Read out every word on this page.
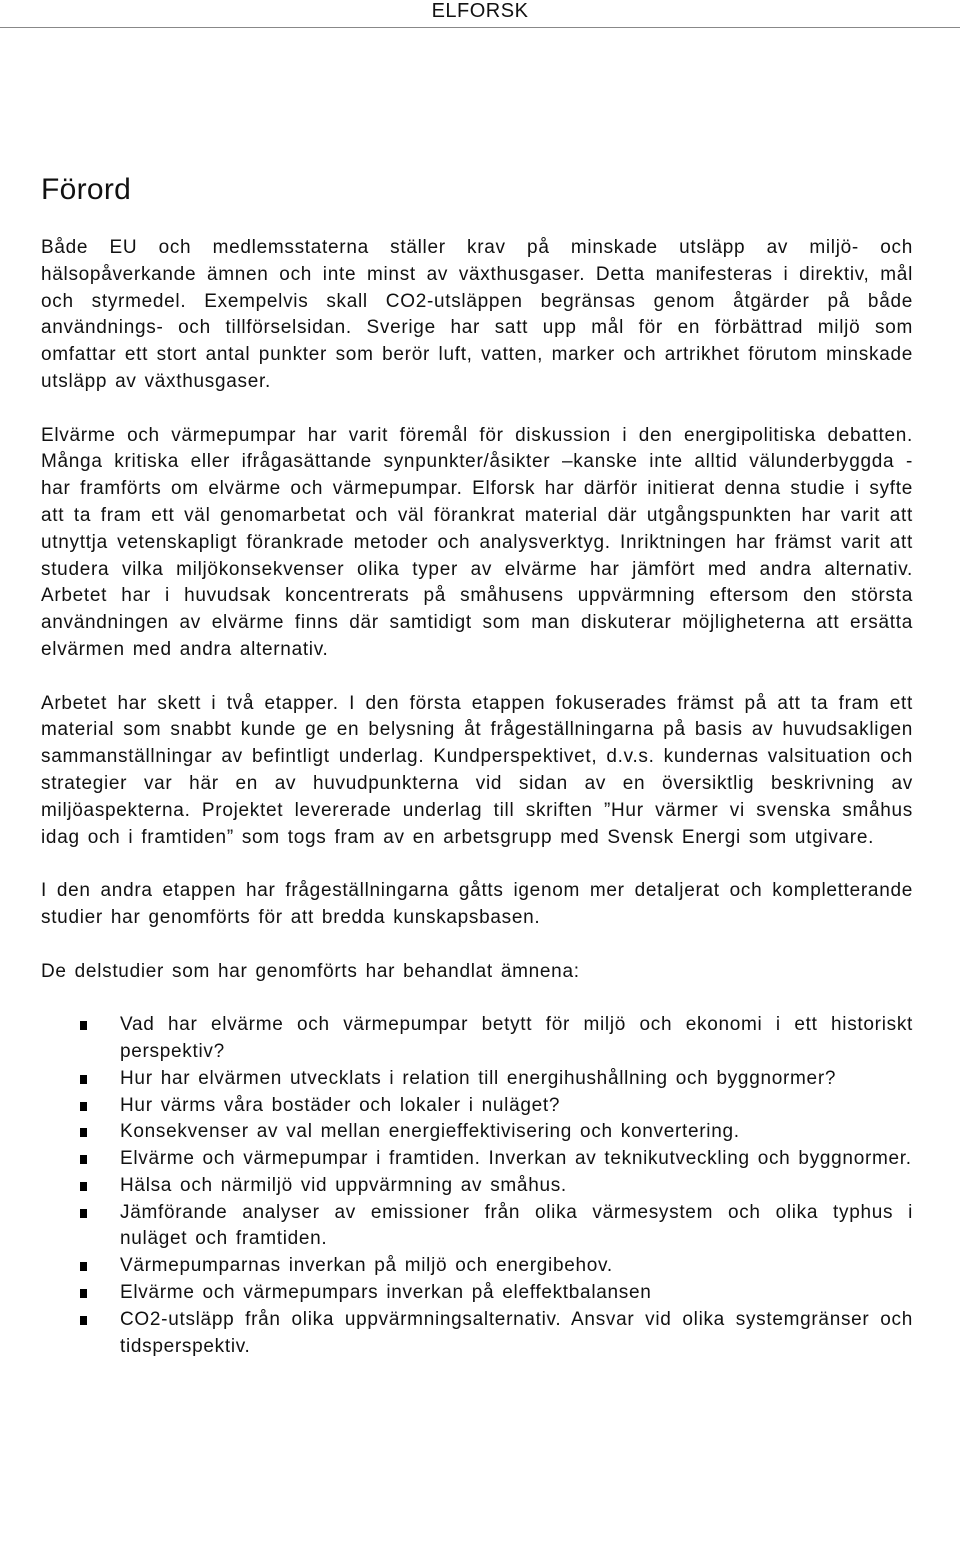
ELFORSK
Förord

Både EU och medlemsstaterna ställer krav på minskade utsläpp av miljö- och hälsopåverkande ämnen och inte minst av växthusgaser. Detta manifesteras i direktiv, mål och styrmedel. Exempelvis skall CO2-utsläppen begränsas genom åtgärder på både användnings- och tillförselsidan. Sverige har satt upp mål för en förbättrad miljö som omfattar ett stort antal punkter som berör luft, vatten, marker och artrikhet förutom minskade utsläpp av växthusgaser.

Elvärme och värmepumpar har varit föremål för diskussion i den energipolitiska debatten. Många kritiska eller ifrågasättande synpunkter/åsikter –kanske inte alltid välunderbyggda - har framförts om elvärme och värmepumpar. Elforsk har därför initierat denna studie i syfte att ta fram ett väl genomarbetat och väl förankrat material där utgångspunkten har varit att utnyttja vetenskapligt förankrade metoder och analysverktyg. Inriktningen har främst varit att studera vilka miljökonsekvenser olika typer av elvärme har jämfört med andra alternativ. Arbetet har i huvudsak koncentrerats på småhusens uppvärmning eftersom den största användningen av elvärme finns där samtidigt som man diskuterar möjligheterna att ersätta elvärmen med andra alternativ.

Arbetet har skett i två etapper. I den första etappen fokuserades främst på att ta fram ett material som snabbt kunde ge en belysning åt frågeställningarna på basis av huvudsakligen sammanställningar av befintligt underlag. Kundperspektivet, d.v.s. kundernas valsituation och strategier var här en av huvudpunkterna vid sidan av en översiktlig beskrivning av miljöaspekterna. Projektet levererade underlag till skriften ”Hur värmer vi svenska småhus idag och i framtiden” som togs fram av en arbetsgrupp med Svensk Energi som utgivare.

I den andra etappen har frågeställningarna gåtts igenom mer detaljerat och kompletterande studier har genomförts för att bredda kunskapsbasen.

De delstudier som har genomförts har behandlat ämnena:

Vad har elvärme och värmepumpar betytt för miljö och ekonomi i ett historiskt perspektiv?
Hur har elvärmen utvecklats i relation till energihushållning och byggnormer?
Hur värms våra bostäder och lokaler i nuläget?
Konsekvenser av val mellan energieffektivisering och konvertering.
Elvärme och värmepumpar i framtiden. Inverkan av teknikutveckling och byggnormer.
Hälsa och närmiljö vid uppvärmning av småhus.
Jämförande analyser av emissioner från olika värmesystem och olika typhus i nuläget och framtiden.
Värmepumparnas inverkan på miljö och energibehov.
Elvärme och värmepumpars inverkan på eleffektbalansen
CO2-utsläpp från olika uppvärmningsalternativ. Ansvar vid olika systemgränser och tidsperspektiv.
